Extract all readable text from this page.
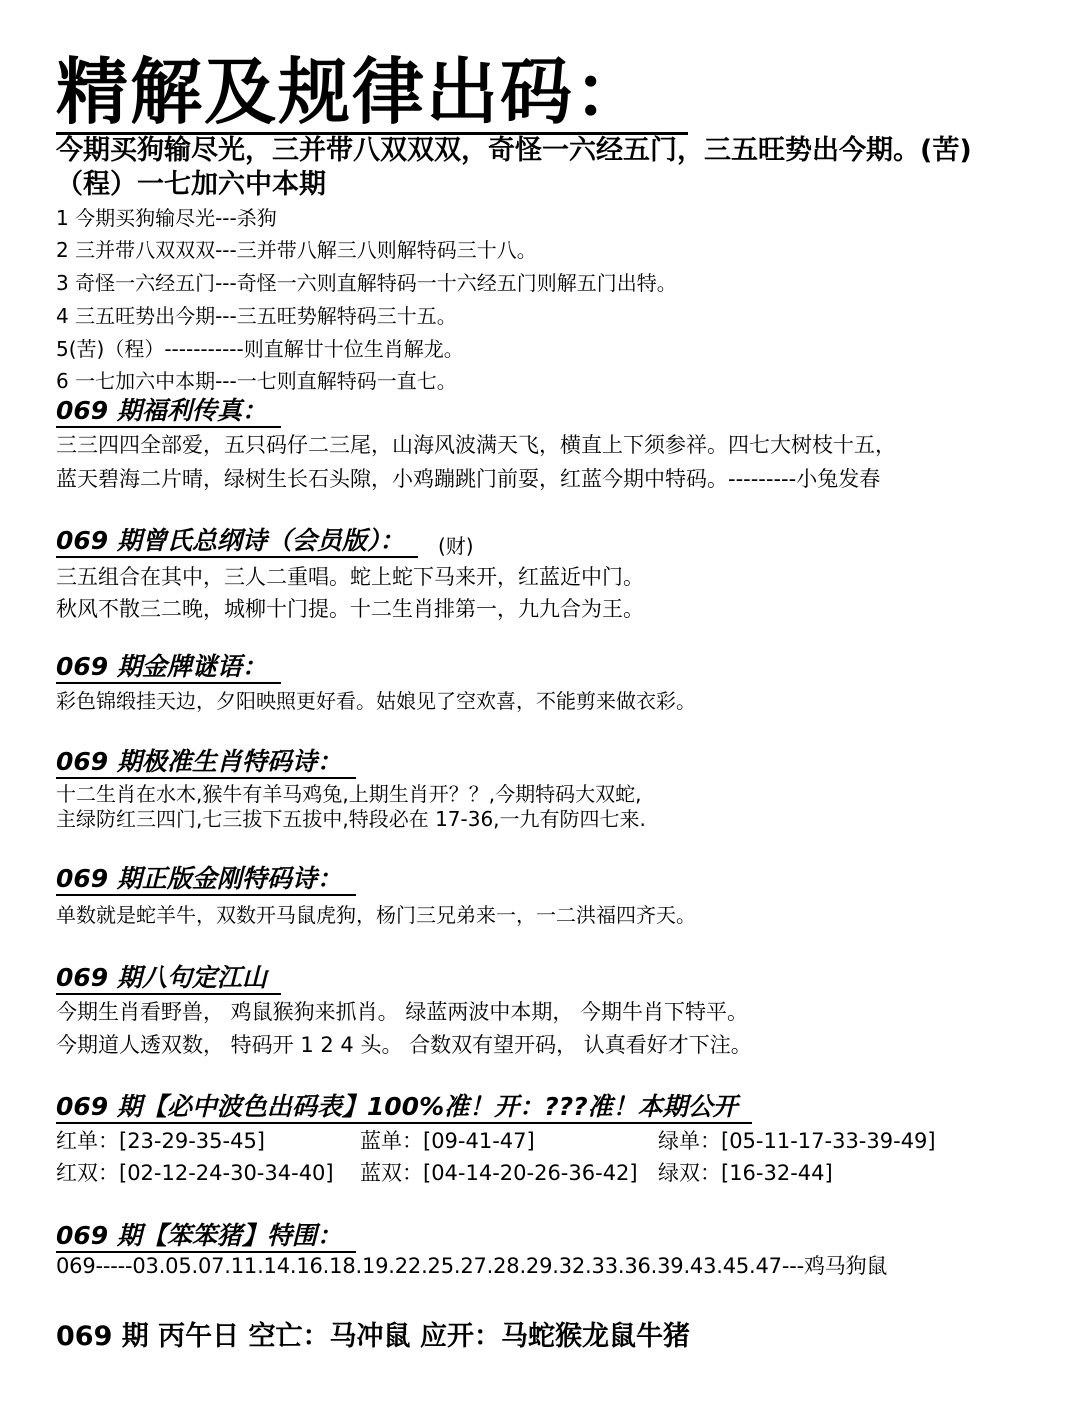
精解及规律出码：
今期买狗输尽光，三并带八双双双，奇怪一六经五门，三五旺势出今期。(苦)
（程）一七加六中本期
1 今期买狗输尽光---杀狗
2 三并带八双双双---三并带八解三八则解特码三十八。
3 奇怪一六经五门---奇怪一六则直解特码一十六经五门则解五门出特。
4 三五旺势出今期---三五旺势解特码三十五。
5(苦)（程）-----------则直解廿十位生肖解龙。
6 一七加六中本期---一七则直解特码一直七。
069 期福利传真：
三三四四全部爱，五只码仔二三尾，山海风波满天飞，横直上下须参祥。四七大树枝十五，
蓝天碧海二片晴，绿树生长石头隙，小鸡蹦跳门前耍，红蓝今期中特码。---------小兔发春
069 期曾氏总纲诗（会员版）：	(财)
三五组合在其中，三人二重唱。蛇上蛇下马来开，红蓝近中门。
秋风不散三二晚，城柳十门提。十二生肖排第一，九九合为王。
069 期金牌谜语：
彩色锦缎挂天边，夕阳映照更好看。姑娘见了空欢喜，不能剪来做衣彩。
069 期极准生肖特码诗：
十二生肖在水木,猴牛有羊马鸡兔,上期生肖开？？,今期特码大双蛇,
主绿防红三四门,七三拔下五拔中,特段必在 17-36,一九有防四七来.
069 期正版金刚特码诗：
单数就是蛇羊牛，双数开马鼠虎狗，杨门三兄弟来一，一二洪福四齐天。
069 期八句定江山
今期生肖看野兽， 鸡鼠猴狗来抓肖。 绿蓝两波中本期， 今期牛肖下特平。
今期道人透双数， 特码开 1 2 4 头。 合数双有望开码， 认真看好才下注。
069 期【必中波色出码表】100%准！开：???准！本期公开
红单：[23-29-35-45]	蓝单：[09-41-47]	绿单：[05-11-17-33-39-49]
红双：[02-12-24-30-34-40] 蓝双：[04-14-20-26-36-42] 绿双：[16-32-44]
069 期【笨笨猪】特围：
069-----03.05.07.11.14.16.18.19.22.25.27.28.29.32.33.36.39.43.45.47---鸡马狗鼠
069 期 丙午日 空亡：马冲鼠 应开：马蛇猴龙鼠牛猪
